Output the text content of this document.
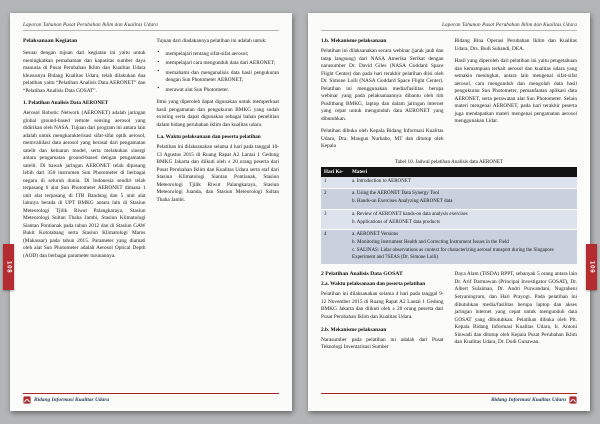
Laporan Tahunan Pusat Perubahan Iklim dan Kualitas Udara
Pelaksanaan Kegiatan

Sesuai dengan tujuan dari kegiatan ini yaitu untuk meningkatkan pemahaman dan kapasitas sumber daya manusia di Pusat Perubahan Iklim dan Kualitas Udara khususnya Bidang Kualitas Udara, telah dilakukan dua pelatihan yaitu “Pelatihan Analisis Data AERONET” dan “Pelatihan Analisis Data GOSAT”.

1. Pelatihan Analisis Data AERONET

Aerosol Robotic Network (AERONET) adalah jaringan global ground-based remote sensing aerosol yang didirikan oleh NASA. Tujuan dari program ini antara lain adalah untuk mengkarakterisasi sifat-sifat optik aerosol, memvalidasi data aerosol yang berasal dari pengamatan satelit dan keluaran model, serta melakukan sinergi antara pengamatan ground-based dengan pengamatan satelit. Di bawah jaringan AERONET telah dipasang lebih dari 350 instrumen Sun Photometer di berbagai negara di seluruh dunia. Di Indonesia sendiri telah terpasang 6 alat Sun Photometer AERONET dimana 1 unit alat terpasang di ITB Bandung dan 5 unit alat lainnya berada di UPT BMKG antara lain di Stasiun Meteorologi Tjilik Riwut Palangkaraya, Stasiun Meteorologi Sultan Thaha Jambi, Stasiun Klimatologi Siantan Pontianak pada tahun 2012 dan di Stasiun GAW Bukit Kototabang serta Stasiun Klimatologi Maros (Makassar) pada tahun 2015. Parameter yang diamati oleh alat Sun Photometer adalah Aerosol Optical Depth (AOD) dan berbagai parameter turunannya.

Tujuan dari diadakannya pelatihan ini adalah untuk:

▪ mempelajari tentang sifat-sifat aerosol;
▪ mempelajari cara mengunduh data dari AERONET;
▪ memahami dan menganalisis data hasil pengukuran dengan Sun Photometer AERONET;
▪ merawat alat Sun Photometer.

Ilmu yang diperoleh dapat digunakan untuk memperkuat hasil pengamatan dan pengukuran BMKG yang sudah existing serta dapat digunakan sebagai bahan penelitian dalam bidang perubahan iklim dan kualitas udara.

1.a. Waktu pelaksanaan dan peserta pelatihan

Pelatihan ini dilaksanakan selama 4 hari pada tanggal 10-13 Agustus 2015 di Ruang Rapat A2 Lantai 1 Gedung BMKG Jakarta dan diikuti oleh ± 20 orang peserta dari Pusat Perubahan Iklim dan Kualitas Udara serta staf dari Stasiun Klimatologi Siantan Pontianak, Stasiun Meteorologi Tjilik Riwut Palangkaraya, Stasiun Meteorologi Juanda, dan Stasiun Meteorologi Sultan Thaha Jambi.

Bidang Informasi Kualitas Udara
Laporan Tahunan Pusat Perubahan Iklim dan Kualitas Udara
1.b. Mekanisme pelaksanaan

Pelatihan ini dilaksanakan secara webinar (jarak jauh dan tatap langsung) dari NASA Amerika Serikat dengan narasumber Dr. David Giles (NASA Goddard Space Flight Center) dan pada hari terakhir pelatihan diisi oleh Dr. Simone Lolli (NASA Goddard Space Flight Center). Pelatihan ini menggunakan media/fasilitas berupa webinar yang pada pelaksanaannya dibantu oleh tim Puslitbang BMKG, laptop dan dalam jaringan internet yang cepat untuk mengunduh data AERONET yang dibutuhkan.

Pelatihan dibuka oleh Kepala Bidang Informasi Kualitas Udara, Dra. Maugun Nurhabo, MT dan ditutup oleh Kepala

Bidang Bina Operasi Perubahan Iklim dan Kualitas Udara, Drs. Budi Suhandi, DEA.

Hasil yang diperoleh dari pelatihan ini yaitu pengetahuan dan kemampuan terkait aerosol dan kualitas udara yang semakin meningkat, antara lain mengenai sifat-sifat aerosol, cara mengunduh dan mengolah data hasil pengukuran Sun Photometer, pemanfaatan aplikasi data AERONET, serta perawatan alat Sun Photometer. Selain materi mengenai AERONET, pada hari terakhir peserta juga mendapatkan materi mengenai pengamatan aerosol menggunakan Lidar.

Tabel 10. Jadwal pelatihan Analisis data AERONET
Hari Ke-	Materi
1	a. Introduction to AERONET

2	a. Using the AERONET Data Synergy Tool
b. Hands-on Exercises Analyzing AERONET data

3	a. Review of AERONET hands-on data analysis exercises
b. Applications of AERONET data products

4	a. AERONET Versions
b. Monitoring Instrument Health and Correcting Instrument Issues in the Field
c. SALINAS: Lidar observations as context for characterizing aerosol transport during the Singapore Experiment and 7SEAS (Dr. Simone Lolli)
2 Pelatihan Analisis Data GOSAT
2.a. Waktu pelaksanaan dan peserta pelatihan

Pelatihan ini dilaksanakan selama 4 hari pada tanggal 9-12 November 2015 di Ruang Rapat A2 Lantai 1 Gedung BMKG Jakarta dan diikuti oleh ± 20 orang peserta dari Pusat Perubahan Iklim dan Kualitas Udara.

2.b. Mekanisme pelaksanaan

Narasumber pada pelatihan ini adalah dari Pusat Teknologi Inventarisasi Sumber

Daya Alam (TISDA) BPPT, sebanyak 5 orang antara lain Dr. Arif Darmawan (Principal Investigator GOSAT), Dr. Albert Sulaiman, Dr. Andri Purwandani, Nugraheni Setyaningrum, dan Hari Prayogi. Pada pelatihan ini dibutuhkan media/fasilitas berupa laptop dan akses jaringan internet yang cepat untuk mengunduh data GOSAT yang dibutuhkan. Pelatihan dibuka oleh Plt. Kepala Bidang Informasi Kualitas Udara, Ir. Antoni Sinwadi dan ditutup oleh Kepala Pusat Perubahan Iklim dan Kualitas Udara, Dr. Dodi Gunawan.

Bidang Informasi Kualitas Udara
108	109
